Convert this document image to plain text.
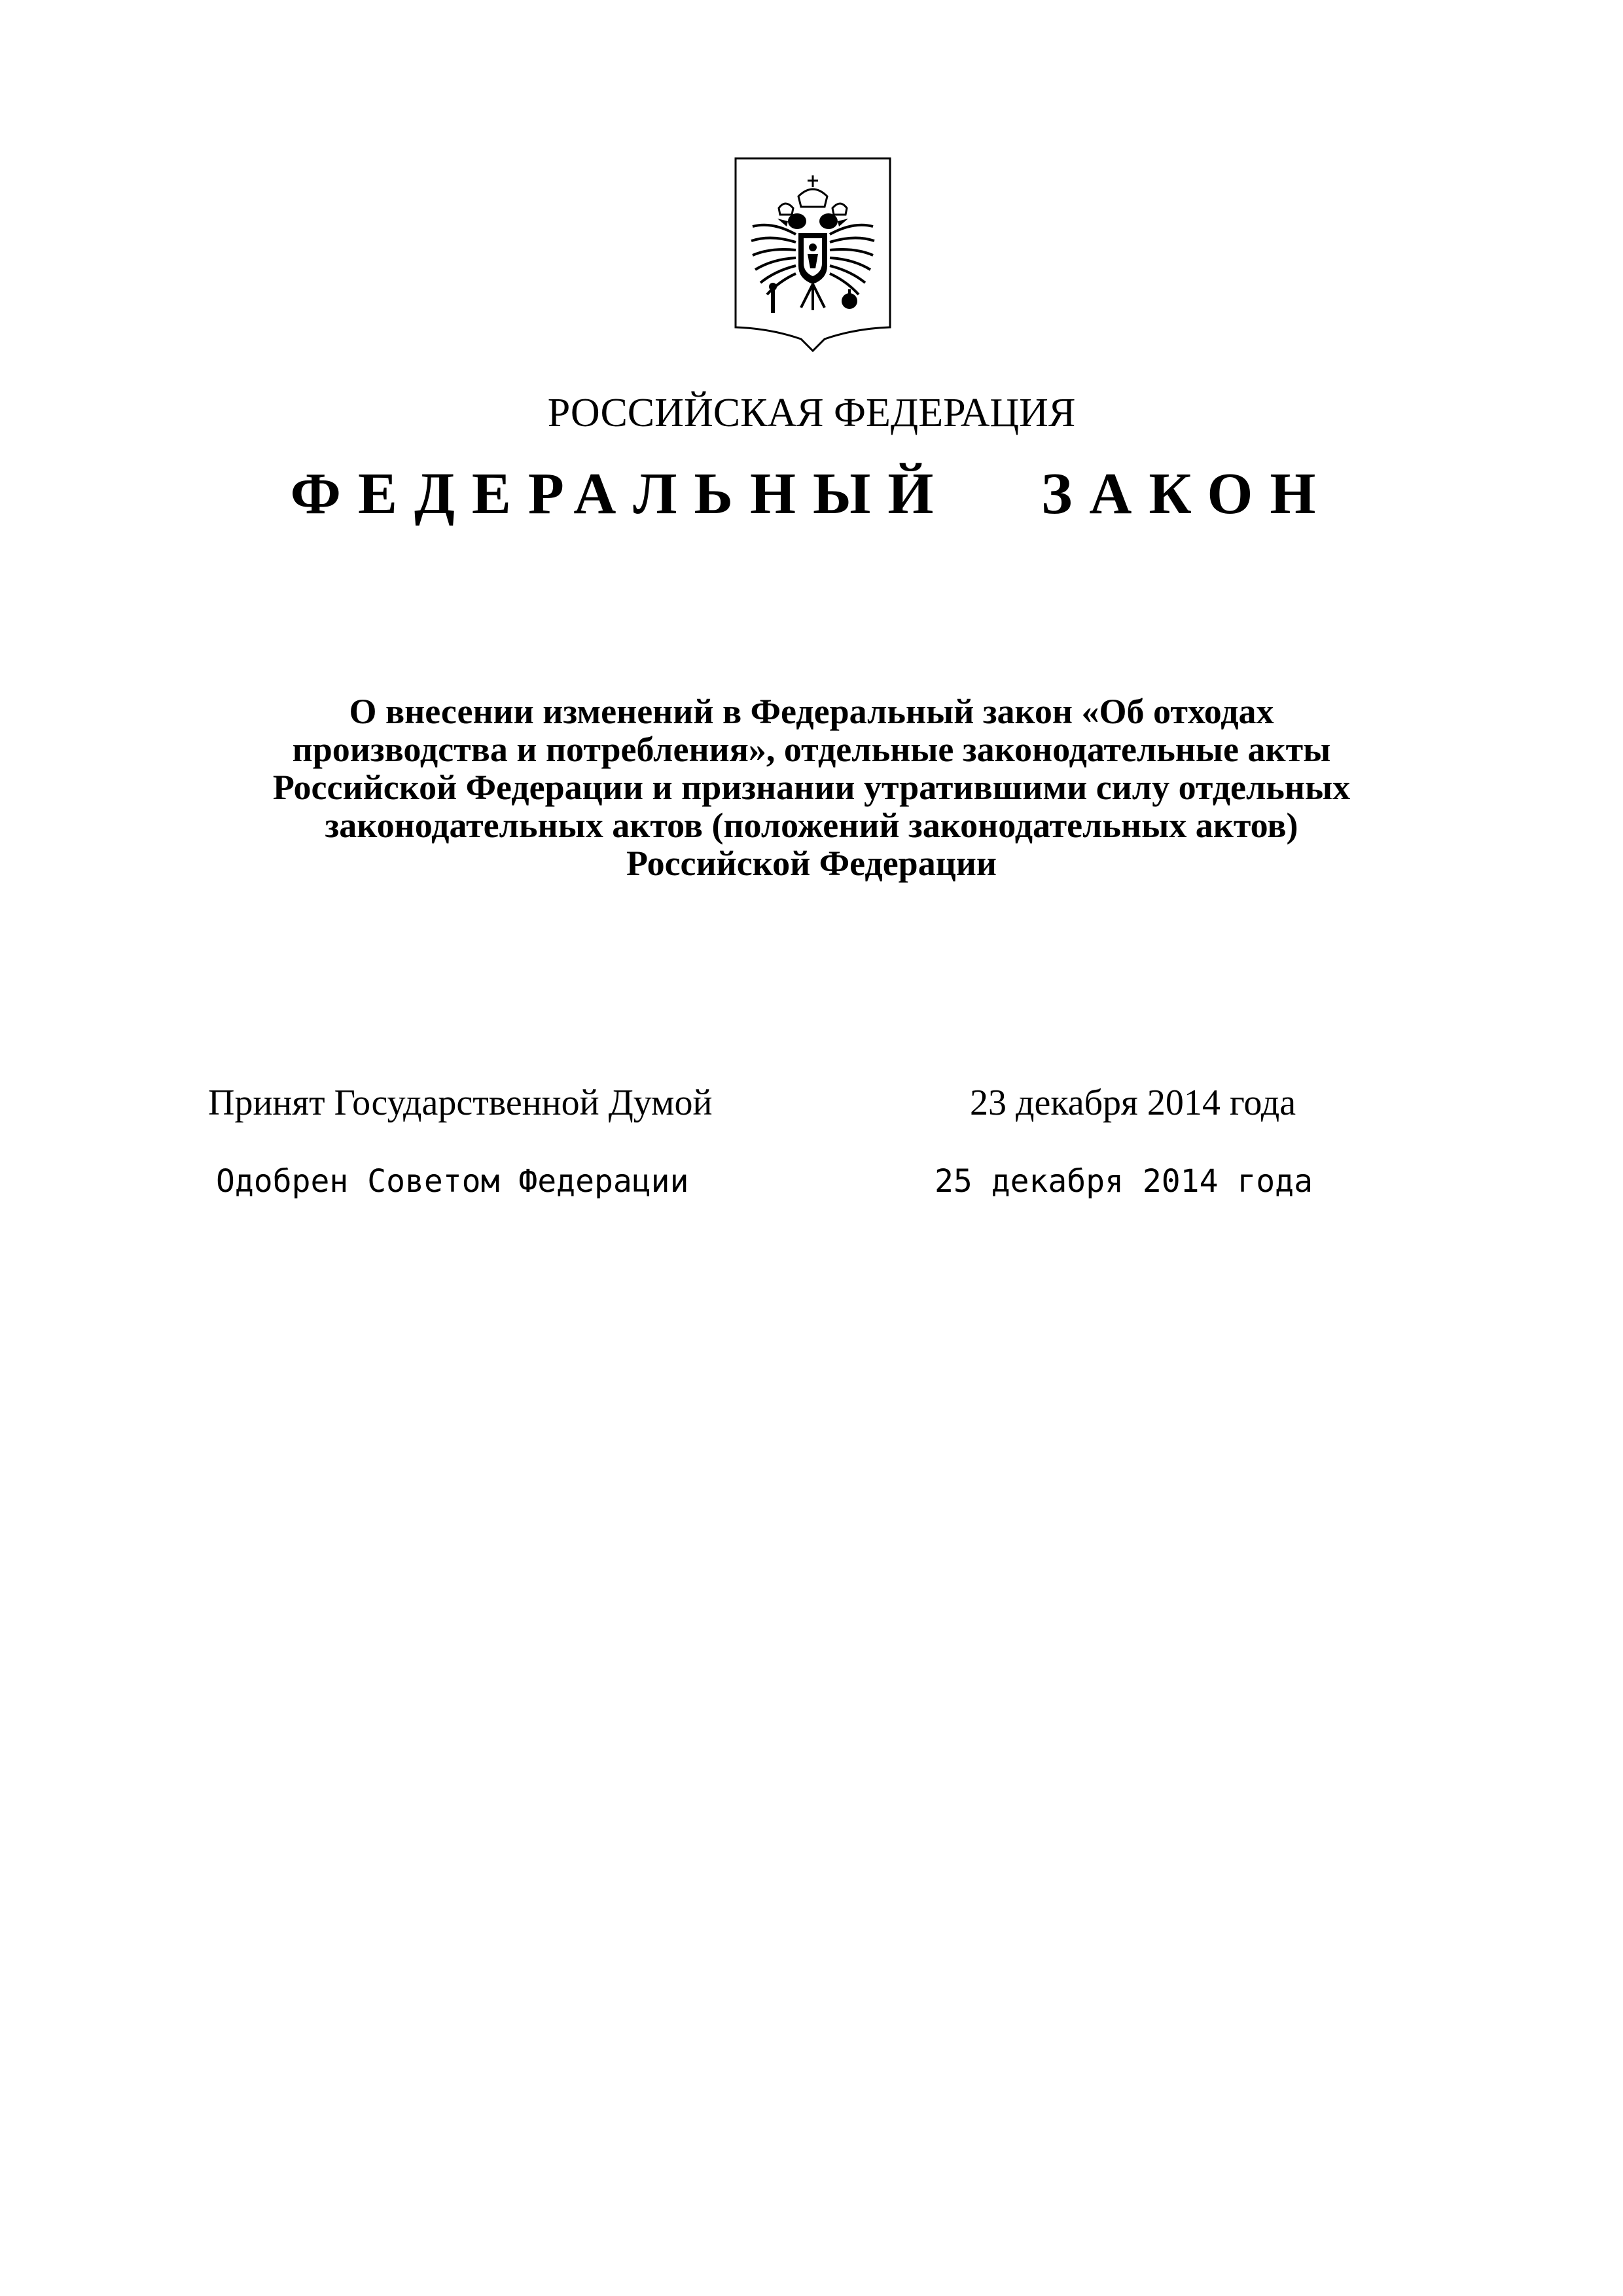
РОССИЙСКАЯ ФЕДЕРАЦИЯ
ФЕДЕРАЛЬНЫЙ ЗАКОН
О внесении изменений в Федеральный закон «Об отходах
производства и потребления», отдельные законодательные акты
Российской Федерации и признании утратившими силу отдельных
законодательных актов (положений законодательных актов)
Российской Федерации
Принят Государственной Думой	23 декабря 2014 года
Одобрен Советом Федерации	25 декабря 2014 года
